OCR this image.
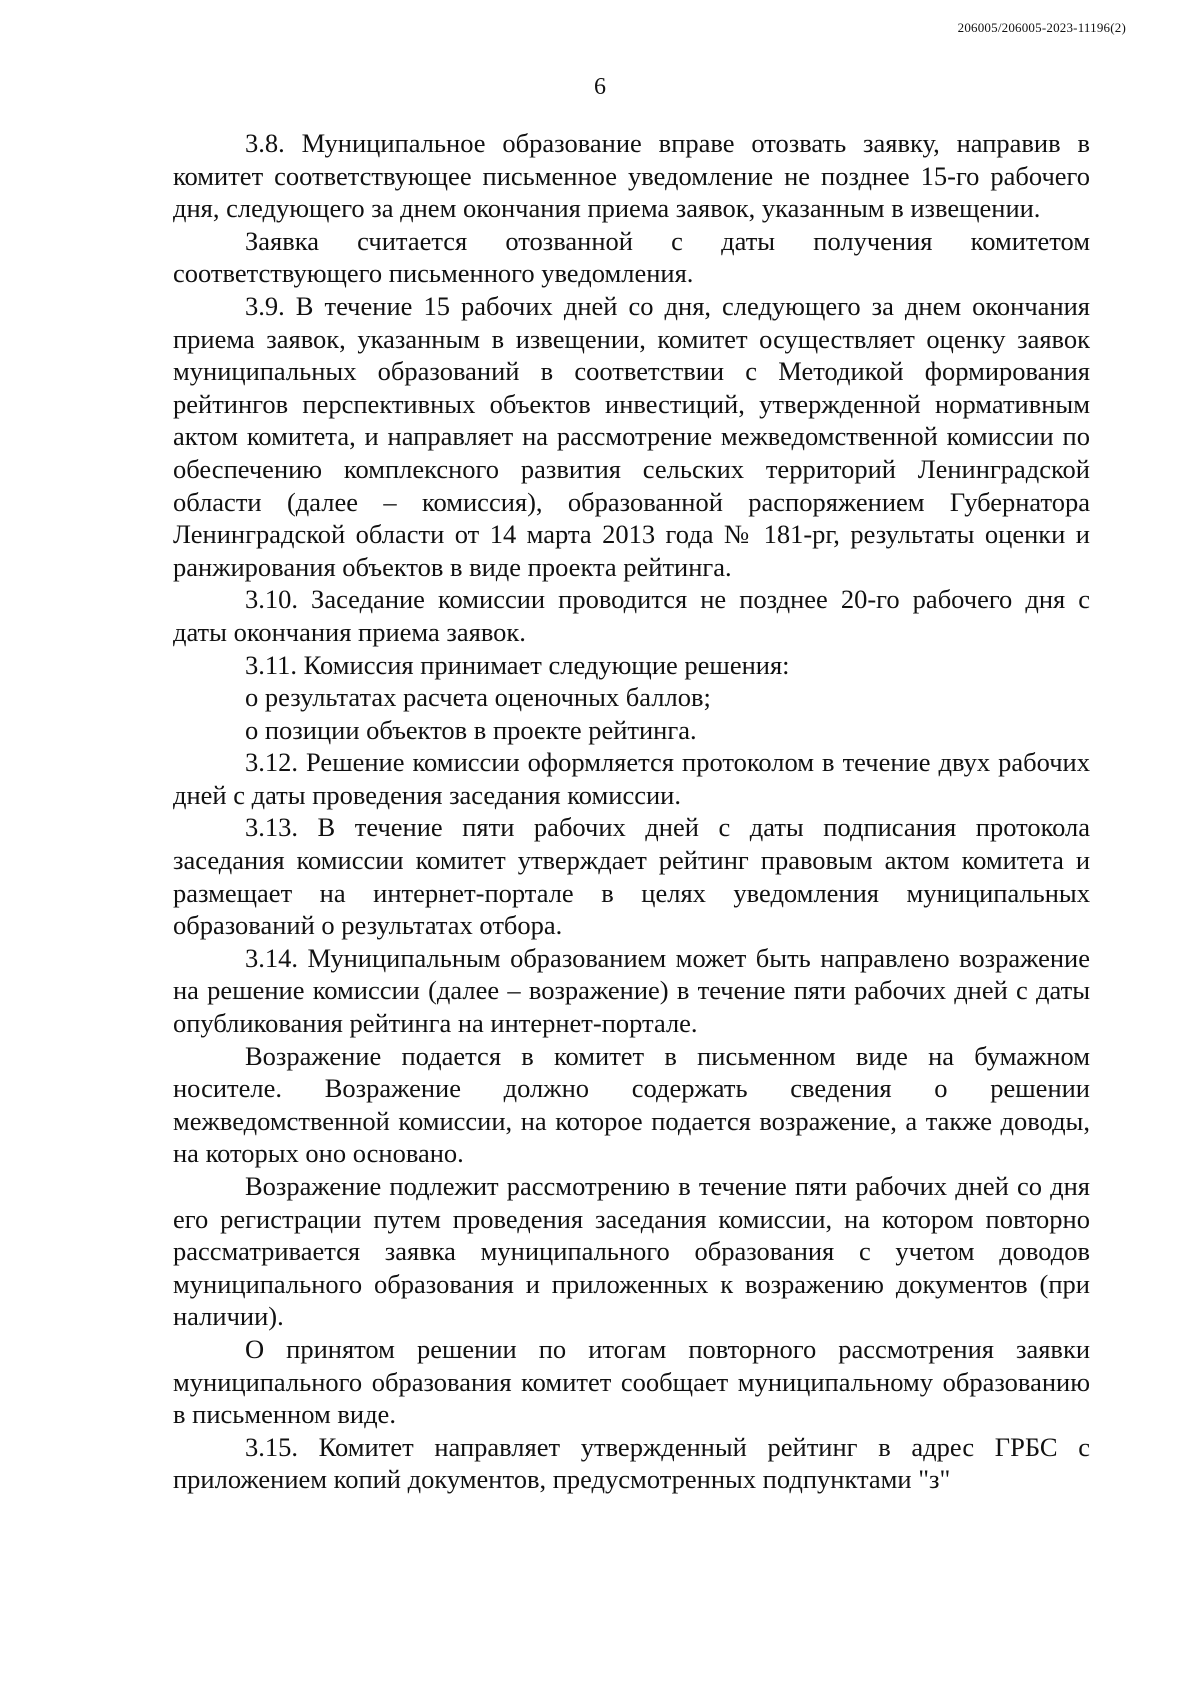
206005/206005-2023-11196(2)
6

3.8. Муниципальное образование вправе отозвать заявку, направив в комитет соответствующее письменное уведомление не позднее 15-го рабочего дня, следующего за днем окончания приема заявок, указанным в извещении.

Заявка считается отозванной с даты получения комитетом соответствующего письменного уведомления.

3.9. В течение 15 рабочих дней со дня, следующего за днем окончания приема заявок, указанным в извещении, комитет осуществляет оценку заявок муниципальных образований в соответствии с Методикой формирования рейтингов перспективных объектов инвестиций, утвержденной нормативным актом комитета, и направляет на рассмотрение межведомственной комиссии по обеспечению комплексного развития сельских территорий Ленинградской области (далее – комиссия), образованной распоряжением Губернатора Ленинградской области от 14 марта 2013 года № 181-рг, результаты оценки и ранжирования объектов в виде проекта рейтинга.

3.10. Заседание комиссии проводится не позднее 20-го рабочего дня с даты окончания приема заявок.

3.11. Комиссия принимает следующие решения:

о результатах расчета оценочных баллов;

о позиции объектов в проекте рейтинга.

3.12. Решение комиссии оформляется протоколом в течение двух рабочих дней с даты проведения заседания комиссии.

3.13. В течение пяти рабочих дней с даты подписания протокола заседания комиссии комитет утверждает рейтинг правовым актом комитета и размещает на интернет-портале в целях уведомления муниципальных образований о результатах отбора.

3.14. Муниципальным образованием может быть направлено возражение на решение комиссии (далее – возражение) в течение пяти рабочих дней с даты опубликования рейтинга на интернет-портале.

Возражение подается в комитет в письменном виде на бумажном носителе. Возражение должно содержать сведения о решении межведомственной комиссии, на которое подается возражение, а также доводы, на которых оно основано.

Возражение подлежит рассмотрению в течение пяти рабочих дней со дня его регистрации путем проведения заседания комиссии, на котором повторно рассматривается заявка муниципального образования с учетом доводов муниципального образования и приложенных к возражению документов (при наличии).

О принятом решении по итогам повторного рассмотрения заявки муниципального образования комитет сообщает муниципальному образованию в письменном виде.

3.15. Комитет направляет утвержденный рейтинг в адрес ГРБС с приложением копий документов, предусмотренных подпунктами "з"
